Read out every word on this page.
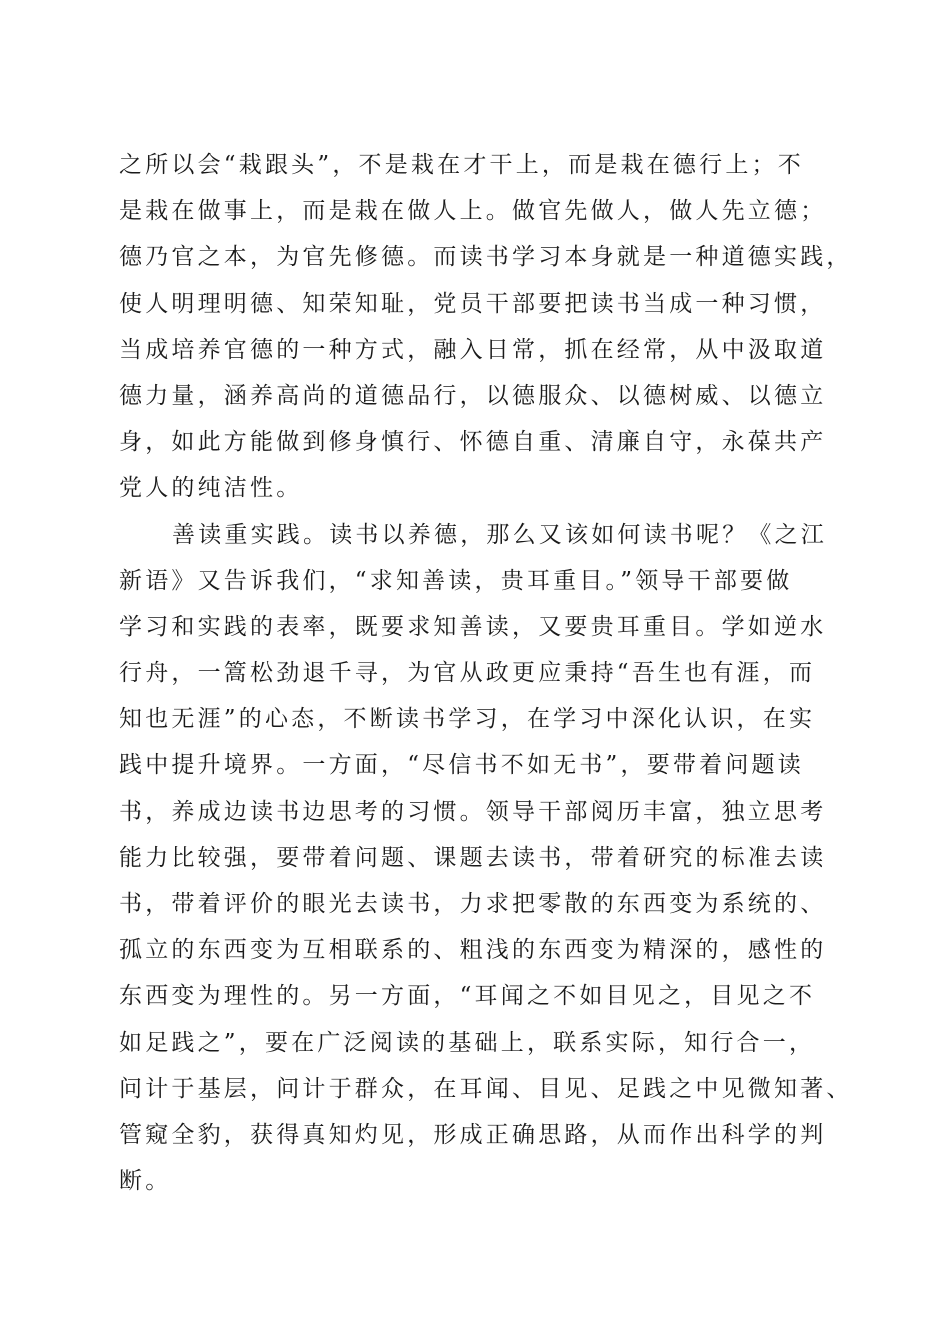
之所以会“栽跟头”，不是栽在才干上，而是栽在德行上；不
是栽在做事上，而是栽在做人上。做官先做人，做人先立德；
德乃官之本，为官先修德。而读书学习本身就是一种道德实践，
使人明理明德、知荣知耻，党员干部要把读书当成一种习惯，
当成培养官德的一种方式，融入日常，抓在经常，从中汲取道
德力量，涵养高尚的道德品行，以德服众、以德树威、以德立
身，如此方能做到修身慎行、怀德自重、清廉自守，永葆共产
党人的纯洁性。
善读重实践。读书以养德，那么又该如何读书呢？《之江
新语》又告诉我们，“求知善读，贵耳重目。”领导干部要做
学习和实践的表率，既要求知善读，又要贵耳重目。学如逆水
行舟，一篙松劲退千寻，为官从政更应秉持“吾生也有涯，而
知也无涯”的心态，不断读书学习，在学习中深化认识，在实
践中提升境界。一方面，“尽信书不如无书”，要带着问题读
书，养成边读书边思考的习惯。领导干部阅历丰富，独立思考
能力比较强，要带着问题、课题去读书，带着研究的标准去读
书，带着评价的眼光去读书，力求把零散的东西变为系统的、
孤立的东西变为互相联系的、粗浅的东西变为精深的，感性的
东西变为理性的。另一方面，“耳闻之不如目见之，目见之不
如足践之”，要在广泛阅读的基础上，联系实际，知行合一，
问计于基层，问计于群众，在耳闻、目见、足践之中见微知著、
管窥全豹，获得真知灼见，形成正确思路，从而作出科学的判
断。
